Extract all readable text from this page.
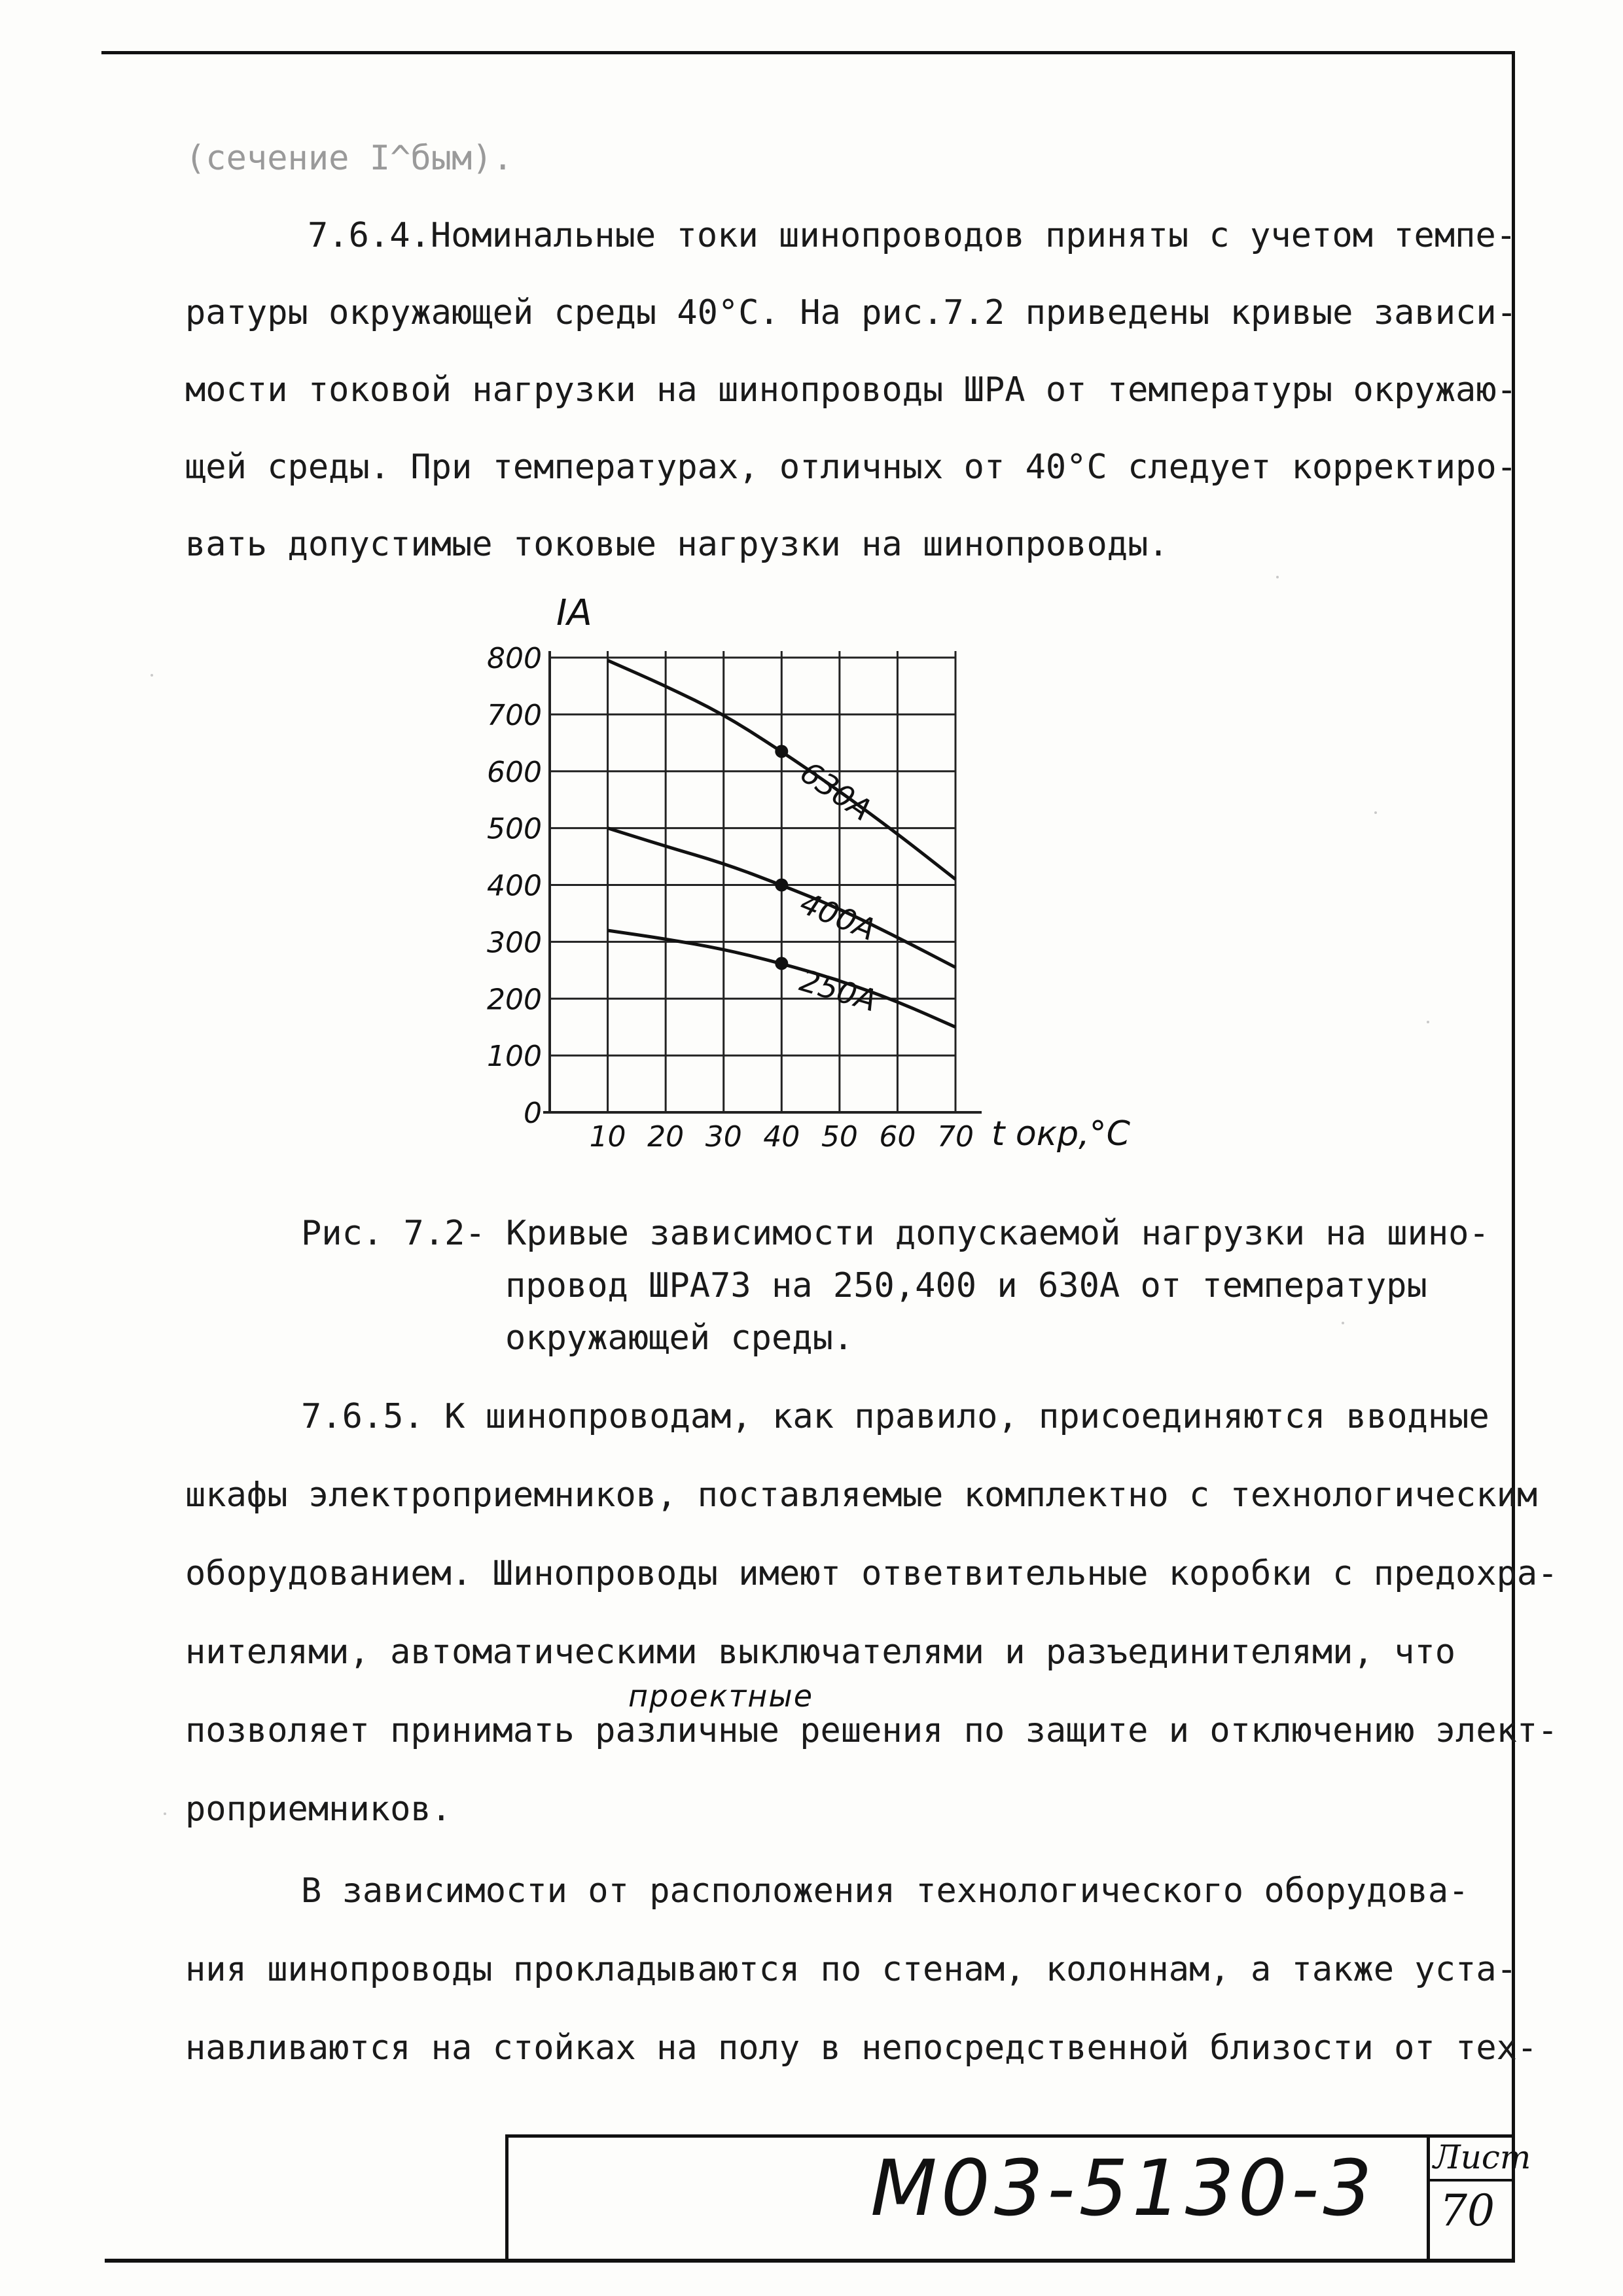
(сечение I^бым).
7.6.4.Номинальные токи шинопроводов приняты с учетом темпе-
ратуры окружающей среды 40°C. На рис.7.2 приведены кривые зависи-
мости токовой нагрузки на шинопроводы ШРА от температуры окружаю-
щей среды. При температурах, отличных от 40°C следует корректиро-
вать допустимые токовые нагрузки на шинопроводы.
0
100
200
300
400
500
600
700
800
10 20 30 40 50 60 70
630А
400А
250А
IA
t окр,°C
Рис. 7.2- Кривые зависимости допускаемой нагрузки на шино-
провод ШРА73 на 250,400 и 630А от температуры
окружающей среды.
7.6.5. К шинопроводам, как правило, присоединяются вводные
шкафы электроприемников, поставляемые комплектно с технологическим
оборудованием. Шинопроводы имеют ответвительные коробки с предохра-
нителями, автоматическими выключателями и разъединителями, что
проектные
позволяет принимать различные решения по защите и отключению элект-
роприемников.
В зависимости от расположения технологического оборудова-
ния шинопроводы прокладываются по стенам, колоннам, а также уста-
навливаются на стойках на полу в непосредственной близости от тех-
М03-5130-3 Лист
70
